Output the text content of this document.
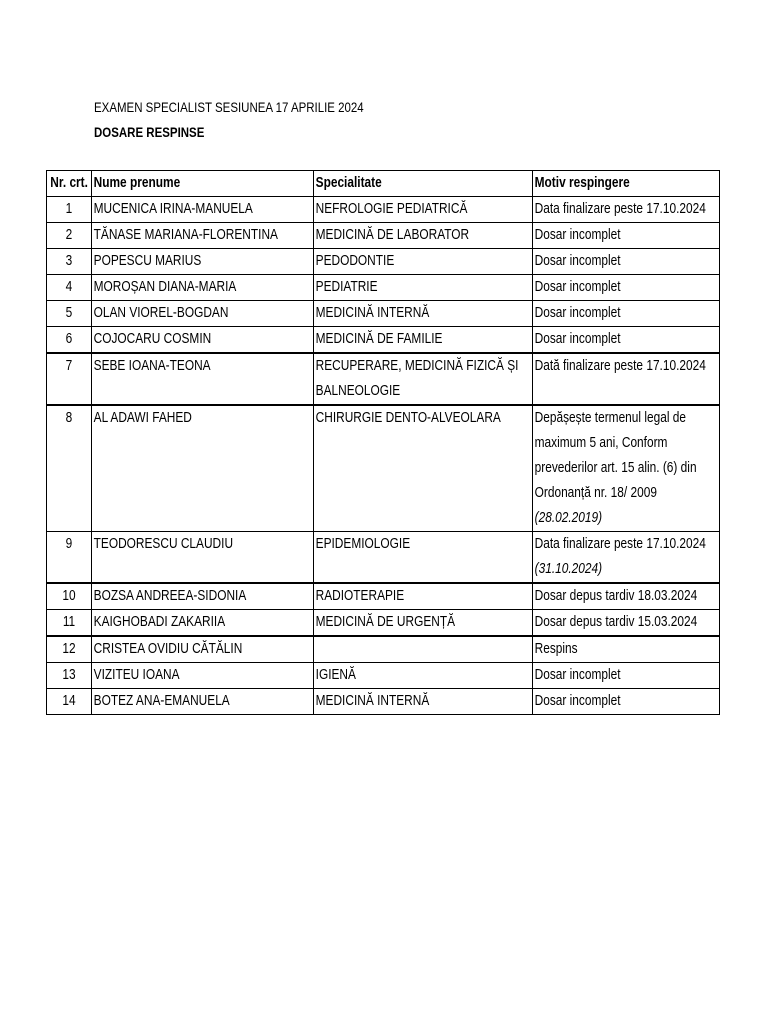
EXAMEN SPECIALIST SESIUNEA 17 APRILIE 2024
DOSARE RESPINSE
Nr. crt.	Nume prenume	Specialitate	Motiv respingere

1	MUCENICA IRINA-MANUELA	NEFROLOGIE PEDIATRICĂ	Data finalizare peste 17.10.2024

2	TĂNASE MARIANA-FLORENTINA	MEDICINĂ DE LABORATOR	Dosar incomplet

3	POPESCU MARIUS	PEDODONTIE	Dosar incomplet

4	MOROȘAN DIANA-MARIA	PEDIATRIE	Dosar incomplet

5	OLAN VIOREL-BOGDAN	MEDICINĂ INTERNĂ	Dosar incomplet

6	COJOCARU COSMIN	MEDICINĂ DE FAMILIE	Dosar incomplet

7	SEBE IOANA-TEONA	RECUPERARE, MEDICINĂ FIZICĂ ȘI BALNEOLOGIE	Dată finalizare peste 17.10.2024

8	AL ADAWI FAHED	CHIRURGIE DENTO-ALVEOLARA	Depășește termenul legal de maximum 5 ani, Conform prevederilor art. 15 alin. (6) din Ordonanță nr. 18/ 2009 (28.02.2019)

9	TEODORESCU CLAUDIU	EPIDEMIOLOGIE	Data finalizare peste 17.10.2024 (31.10.2024)

10	BOZSA ANDREEA-SIDONIA	RADIOTERAPIE	Dosar depus tardiv 18.03.2024

11	KAIGHOBADI ZAKARIIA	MEDICINĂ DE URGENȚĂ	Dosar depus tardiv 15.03.2024

12	CRISTEA OVIDIU CĂTĂLIN		Respins

13	VIZITEU IOANA	IGIENĂ	Dosar incomplet

14	BOTEZ ANA-EMANUELA	MEDICINĂ INTERNĂ	Dosar incomplet
